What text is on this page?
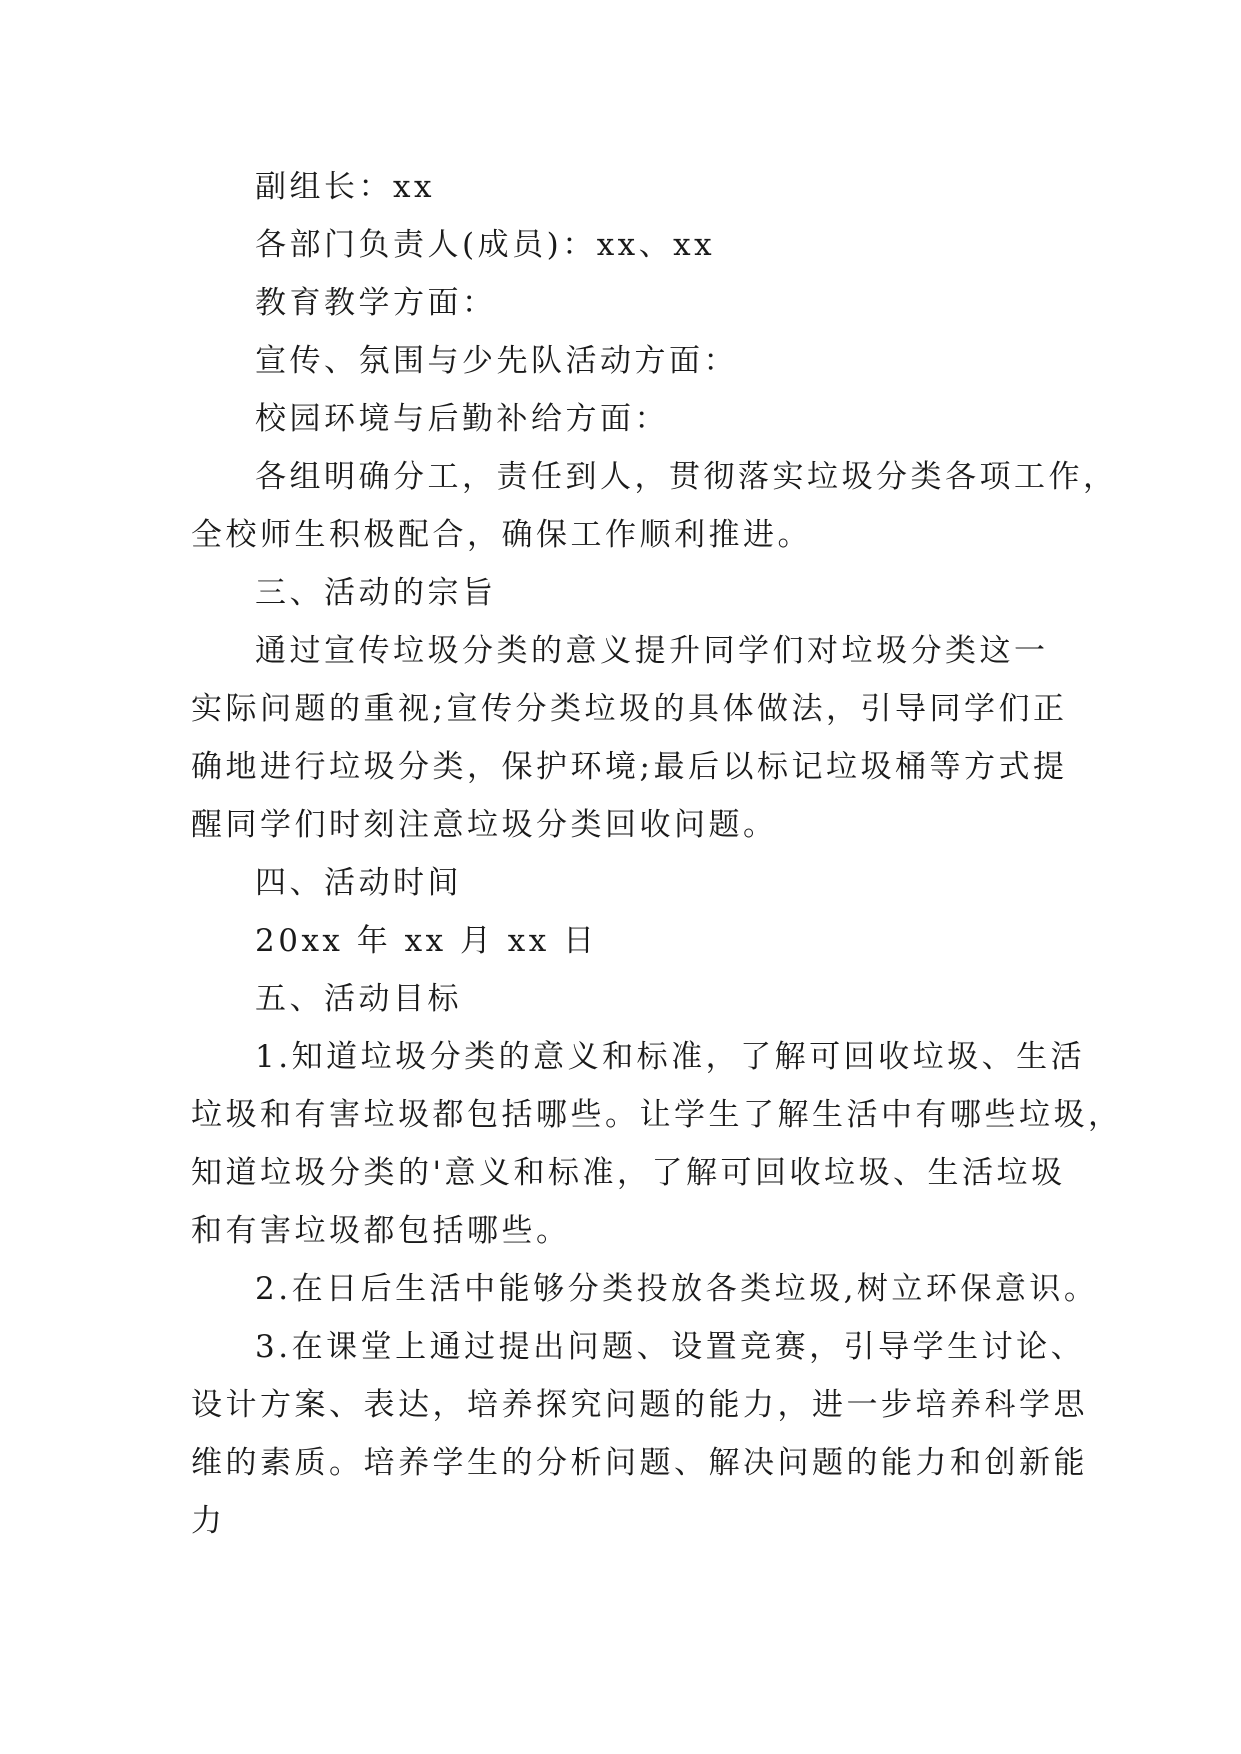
副组长：xx
各部门负责人(成员)：xx、xx
教育教学方面：
宣传、氛围与少先队活动方面：
校园环境与后勤补给方面：
各组明确分工，责任到人，贯彻落实垃圾分类各项工作，
全校师生积极配合，确保工作顺利推进。
三、活动的宗旨
通过宣传垃圾分类的意义提升同学们对垃圾分类这一
实际问题的重视;宣传分类垃圾的具体做法，引导同学们正
确地进行垃圾分类，保护环境;最后以标记垃圾桶等方式提
醒同学们时刻注意垃圾分类回收问题。
四、活动时间
20xx 年 xx 月 xx 日
五、活动目标
1.知道垃圾分类的意义和标准，了解可回收垃圾、生活
垃圾和有害垃圾都包括哪些。让学生了解生活中有哪些垃圾，
知道垃圾分类的'意义和标准，了解可回收垃圾、生活垃圾
和有害垃圾都包括哪些。
2.在日后生活中能够分类投放各类垃圾,树立环保意识。
3.在课堂上通过提出问题、设置竞赛，引导学生讨论、
设计方案、表达，培养探究问题的能力，进一步培养科学思
维的素质。培养学生的分析问题、解决问题的能力和创新能
力
